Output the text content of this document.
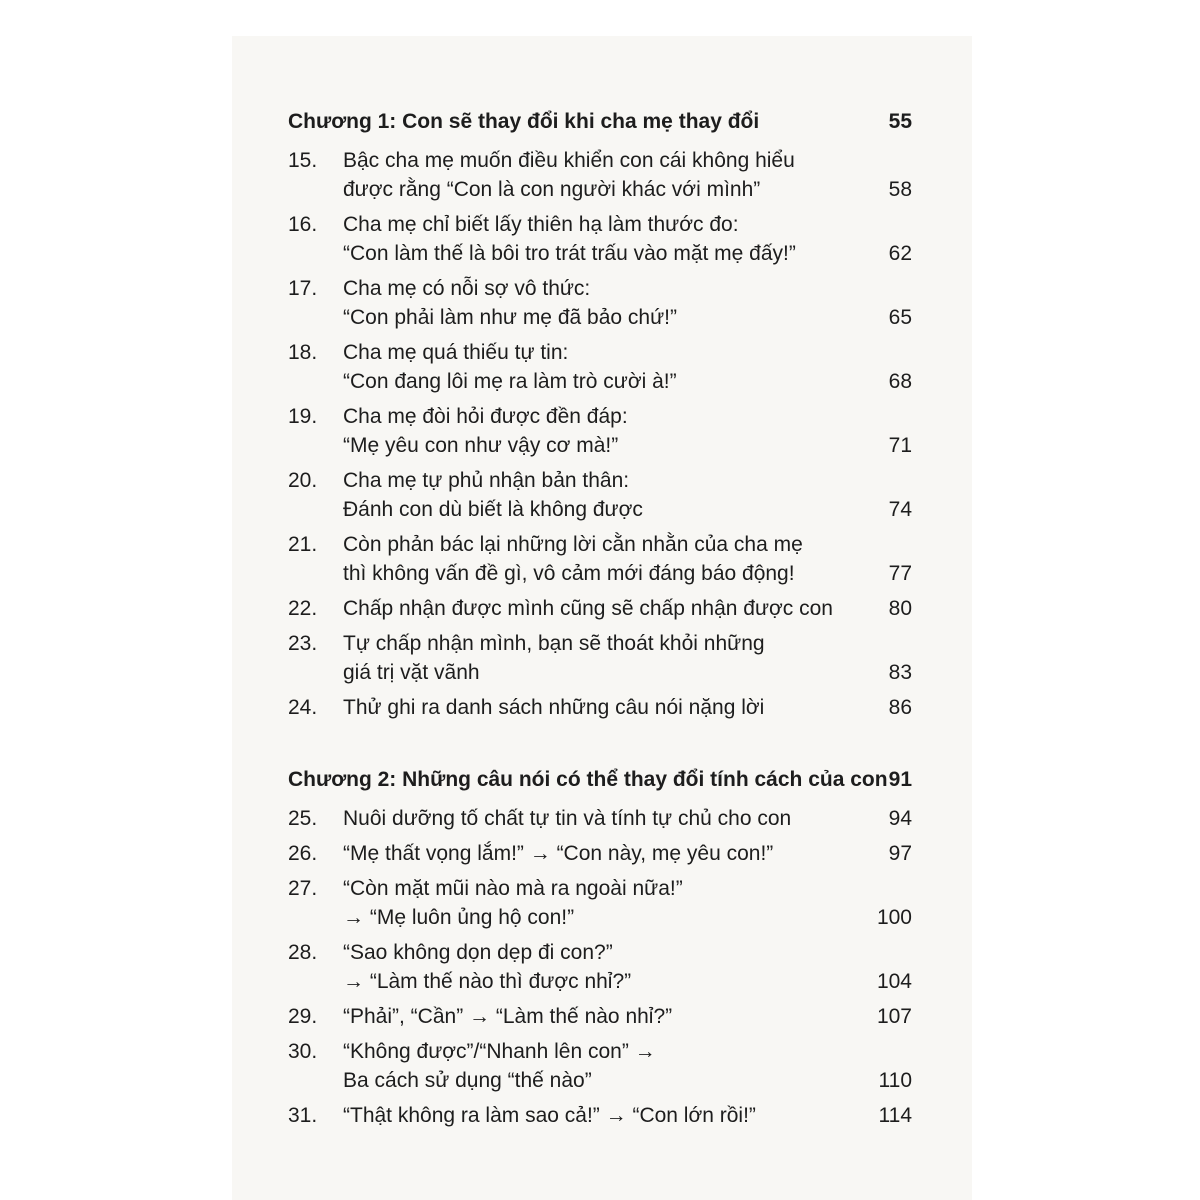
Chương 1: Con sẽ thay đổi khi cha mẹ thay đổi	55
15.	Bậc cha mẹ muốn điều khiển con cái không hiểu
được rằng “Con là con người khác với mình”	58
16.	Cha mẹ chỉ biết lấy thiên hạ làm thước đo:
“Con làm thế là bôi tro trát trấu vào mặt mẹ đấy!”	62
17.	Cha mẹ có nỗi sợ vô thức:
“Con phải làm như mẹ đã bảo chứ!”	65
18.	Cha mẹ quá thiếu tự tin:
“Con đang lôi mẹ ra làm trò cười à!”	68
19.	Cha mẹ đòi hỏi được đền đáp:
“Mẹ yêu con như vậy cơ mà!”	71
20.	Cha mẹ tự phủ nhận bản thân:
Đánh con dù biết là không được	74
21.	Còn phản bác lại những lời cằn nhằn của cha mẹ
thì không vấn đề gì, vô cảm mới đáng báo động!	77
22.	Chấp nhận được mình cũng sẽ chấp nhận được con	80
23.	Tự chấp nhận mình, bạn sẽ thoát khỏi những
giá trị vặt vãnh	83
24.	Thử ghi ra danh sách những câu nói nặng lời	86
Chương 2: Những câu nói có thể thay đổi tính cách của con 91
25.	Nuôi dưỡng tố chất tự tin và tính tự chủ cho con	94
26.	“Mẹ thất vọng lắm!” → “Con này, mẹ yêu con!”	97
27.	“Còn mặt mũi nào mà ra ngoài nữa!”
→ “Mẹ luôn ủng hộ con!”	100
28.	“Sao không dọn dẹp đi con?”
→ “Làm thế nào thì được nhỉ?”	104
29.	“Phải”, “Cần” → “Làm thế nào nhỉ?”	107
30.	“Không được”/“Nhanh lên con” →
Ba cách sử dụng “thế nào”	110
31.	“Thật không ra làm sao cả!” → “Con lớn rồi!”	114
